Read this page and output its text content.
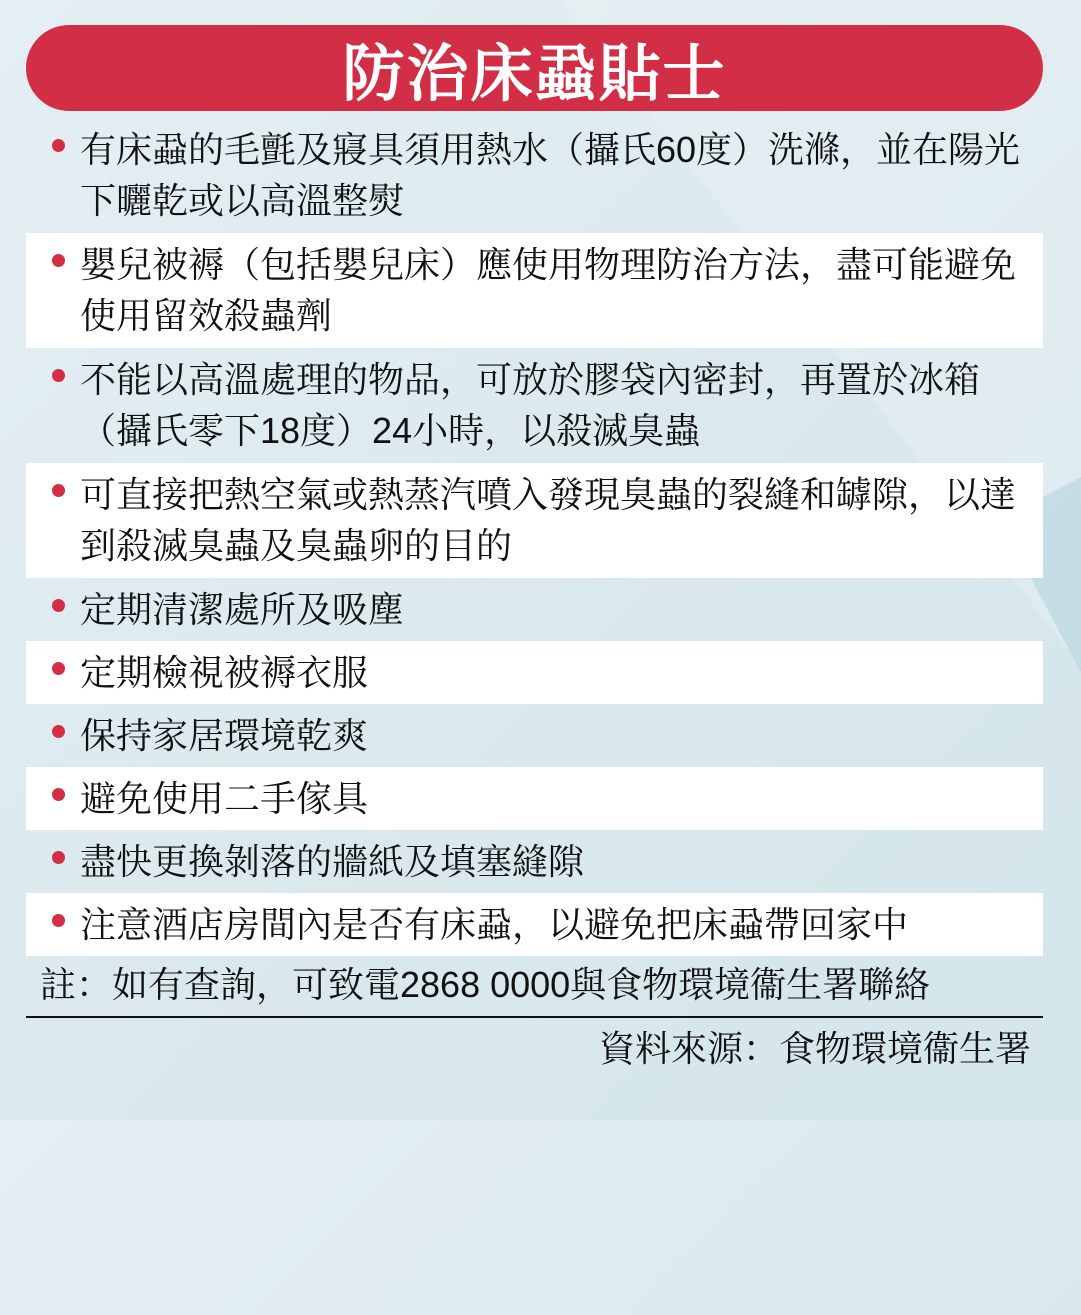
防治床蝨貼士
有床蝨的毛氈及寢具須用熱水（攝氏60度）洗滌，並在陽光下曬乾或以高溫整熨
嬰兒被褥（包括嬰兒床）應使用物理防治方法，盡可能避免使用留效殺蟲劑
不能以高溫處理的物品，可放於膠袋內密封，再置於冰箱（攝氏零下18度）24小時，以殺滅臭蟲
可直接把熱空氣或熱蒸汽噴入發現臭蟲的裂縫和罅隙，以達到殺滅臭蟲及臭蟲卵的目的
定期清潔處所及吸塵
定期檢視被褥衣服
保持家居環境乾爽
避免使用二手傢具
盡快更換剝落的牆紙及填塞縫隙
注意酒店房間內是否有床蝨，以避免把床蝨帶回家中
註：如有查詢，可致電2868 0000與食物環境衞生署聯絡
資料來源：食物環境衞生署
